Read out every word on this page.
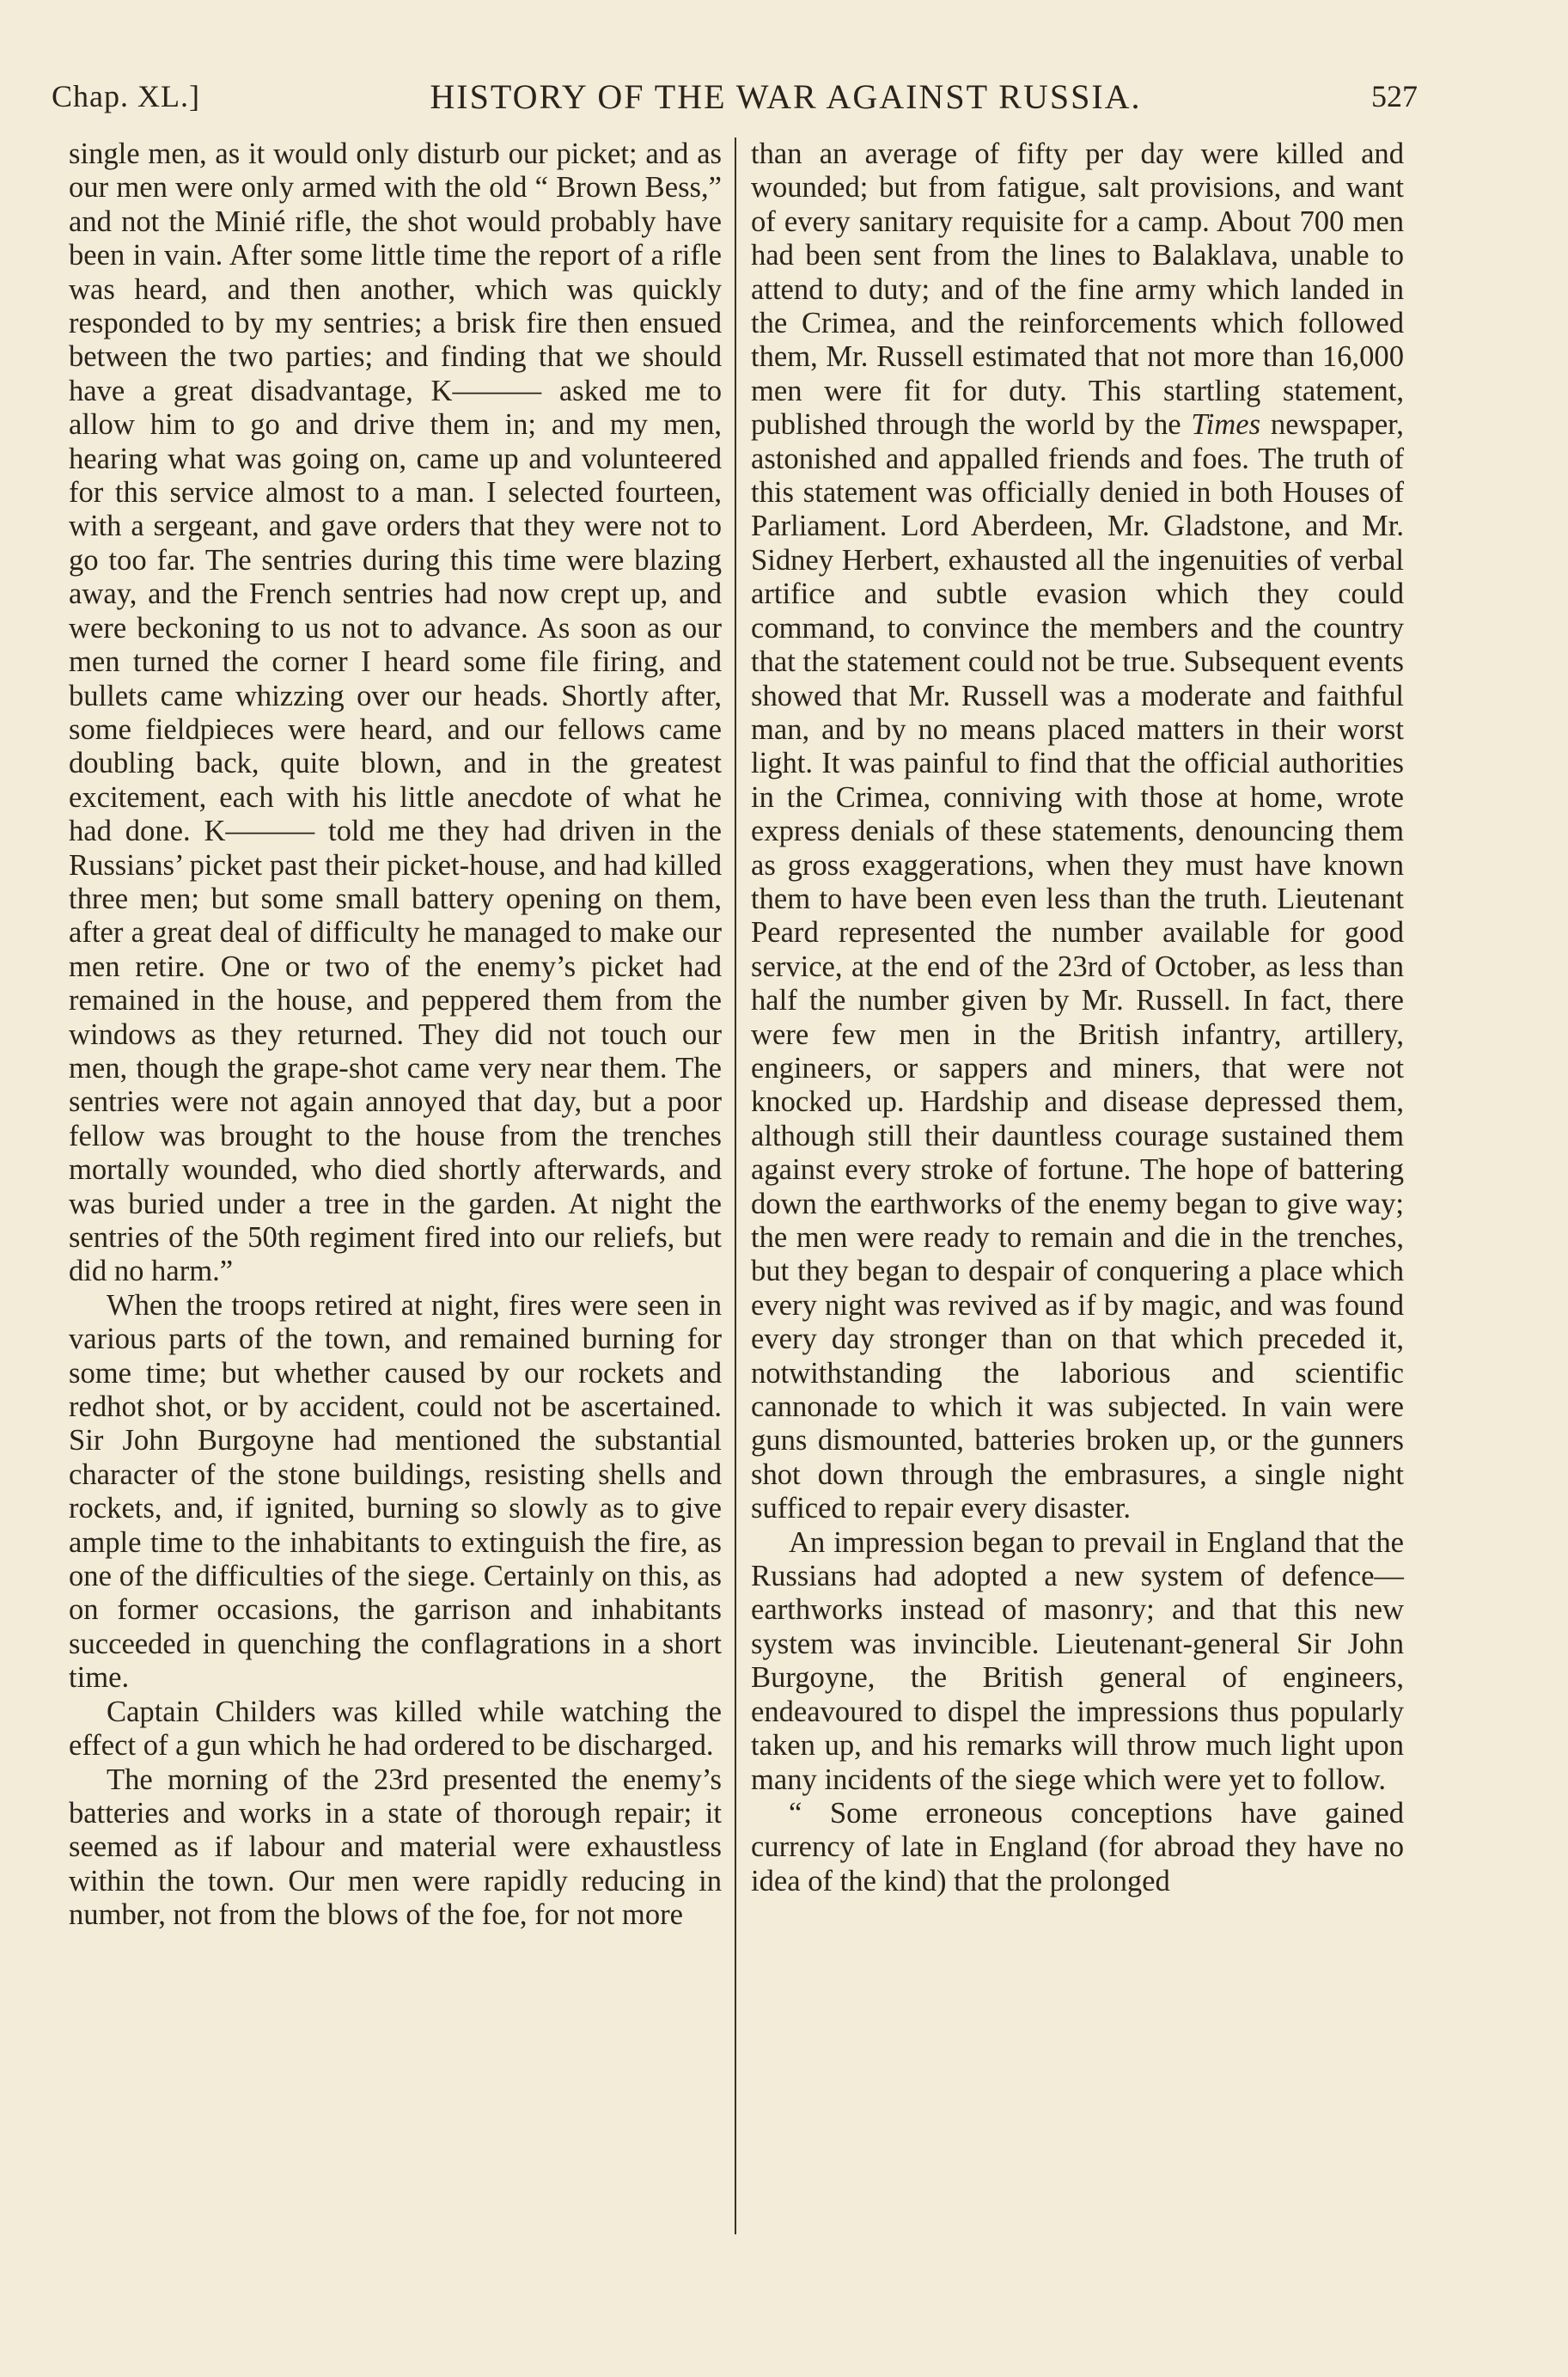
Chap. XL.]	HISTORY OF THE WAR AGAINST RUSSIA.	527

single men, as it would only disturb our picket; and as our men were only armed with the old “ Brown Bess,” and not the Minié rifle, the shot would probably have been in vain. After some little time the report of a rifle was heard, and then another, which was quickly responded to by my sentries; a brisk fire then ensued between the two parties; and finding that we should have a great disadvantage, K——— asked me to allow him to go and drive them in; and my men, hearing what was going on, came up and volunteered for this service almost to a man. I selected fourteen, with a sergeant, and gave orders that they were not to go too far. The sentries during this time were blazing away, and the French sentries had now crept up, and were beckoning to us not to advance. As soon as our men turned the corner I heard some file firing, and bullets came whizzing over our heads. Shortly after, some fieldpieces were heard, and our fellows came doubling back, quite blown, and in the greatest excitement, each with his little anecdote of what he had done. K——— told me they had driven in the Russians’ picket past their picket-house, and had killed three men; but some small battery opening on them, after a great deal of difficulty he managed to make our men retire. One or two of the enemy’s picket had remained in the house, and peppered them from the windows as they returned. They did not touch our men, though the grape-shot came very near them. The sentries were not again annoyed that day, but a poor fellow was brought to the house from the trenches mortally wounded, who died shortly afterwards, and was buried under a tree in the garden. At night the sentries of the 50th regiment fired into our reliefs, but did no harm.”

When the troops retired at night, fires were seen in various parts of the town, and remained burning for some time; but whether caused by our rockets and redhot shot, or by accident, could not be ascertained. Sir John Burgoyne had mentioned the substantial character of the stone buildings, resisting shells and rockets, and, if ignited, burning so slowly as to give ample time to the inhabitants to extinguish the fire, as one of the difficulties of the siege. Certainly on this, as on former occasions, the garrison and inhabitants succeeded in quenching the conflagrations in a short time.

Captain Childers was killed while watching the effect of a gun which he had ordered to be discharged.

The morning of the 23rd presented the enemy’s batteries and works in a state of thorough repair; it seemed as if labour and material were exhaustless within the town. Our men were rapidly reducing in number, not from the blows of the foe, for not more

than an average of fifty per day were killed and wounded; but from fatigue, salt provisions, and want of every sanitary requisite for a camp. About 700 men had been sent from the lines to Balaklava, unable to attend to duty; and of the fine army which landed in the Crimea, and the reinforcements which followed them, Mr. Russell estimated that not more than 16,000 men were fit for duty. This startling statement, published through the world by the Times newspaper, astonished and appalled friends and foes. The truth of this statement was officially denied in both Houses of Parliament. Lord Aberdeen, Mr. Gladstone, and Mr. Sidney Herbert, exhausted all the ingenuities of verbal artifice and subtle evasion which they could command, to convince the members and the country that the statement could not be true. Subsequent events showed that Mr. Russell was a moderate and faithful man, and by no means placed matters in their worst light. It was painful to find that the official authorities in the Crimea, conniving with those at home, wrote express denials of these statements, denouncing them as gross exaggerations, when they must have known them to have been even less than the truth. Lieutenant Peard represented the number available for good service, at the end of the 23rd of October, as less than half the number given by Mr. Russell. In fact, there were few men in the British infantry, artillery, engineers, or sappers and miners, that were not knocked up. Hardship and disease depressed them, although still their dauntless courage sustained them against every stroke of fortune. The hope of battering down the earthworks of the enemy began to give way; the men were ready to remain and die in the trenches, but they began to despair of conquering a place which every night was revived as if by magic, and was found every day stronger than on that which preceded it, notwithstanding the laborious and scientific cannonade to which it was subjected. In vain were guns dismounted, batteries broken up, or the gunners shot down through the embrasures, a single night sufficed to repair every disaster.

An impression began to prevail in England that the Russians had adopted a new system of defence—earthworks instead of masonry; and that this new system was invincible. Lieutenant-general Sir John Burgoyne, the British general of engineers, endeavoured to dispel the impressions thus popularly taken up, and his remarks will throw much light upon many incidents of the siege which were yet to follow.

“ Some erroneous conceptions have gained currency of late in England (for abroad they have no idea of the kind) that the prolonged
